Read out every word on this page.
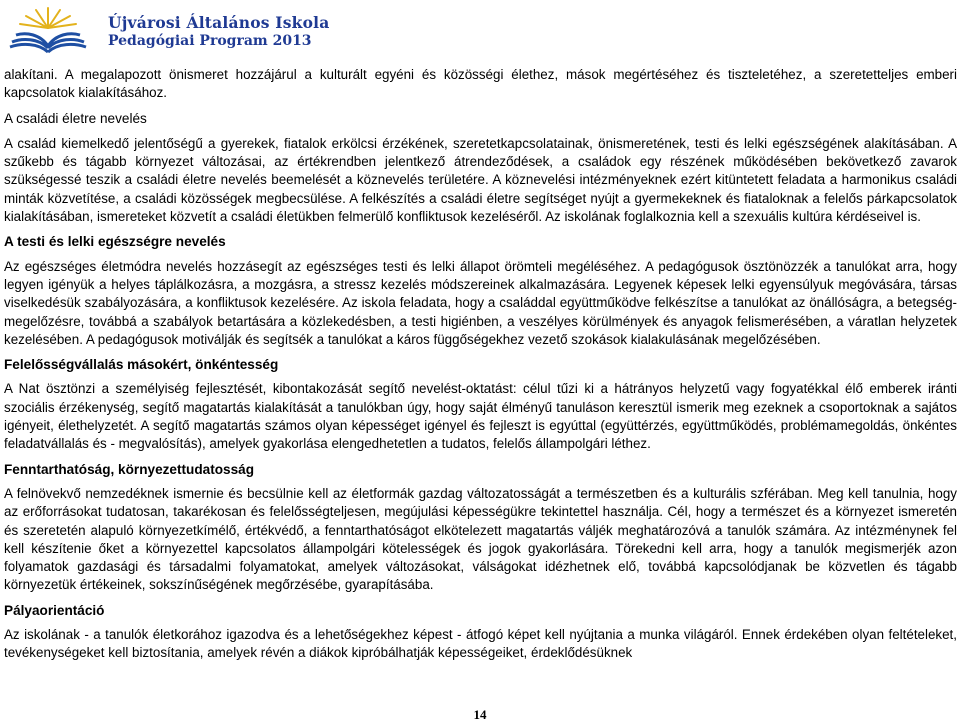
Újvárosi Általános Iskola
Pedagógiai Program 2013

alakítani. A megalapozott önismeret hozzájárul a kulturált egyéni és közösségi élethez, mások megértéséhez és tiszteletéhez, a szeretetteljes emberi kapcsolatok kialakításához.

A családi életre nevelés

A család kiemelkedő jelentőségű a gyerekek, fiatalok erkölcsi érzékének, szeretetkapcsolatainak, önismeretének, testi és lelki egészségének alakításában. A szűkebb és tágabb környezet változásai, az értékrendben jelentkező átrendeződések, a családok egy részének működésében bekövetkező zavarok szükségessé teszik a családi életre nevelés beemelését a köznevelés területére. A köznevelési intézményeknek ezért kitüntetett feladata a harmonikus családi minták közvetítése, a családi közösségek megbecsülése. A felkészítés a családi életre segítséget nyújt a gyermekeknek és fiataloknak a felelős párkapcsolatok kialakításában, ismereteket közvetít a családi életükben felmerülő konfliktusok kezeléséről. Az iskolának foglalkoznia kell a szexuális kultúra kérdéseivel is.

A testi és lelki egészségre nevelés

Az egészséges életmódra nevelés hozzásegít az egészséges testi és lelki állapot örömteli megéléséhez. A pedagógusok ösztönözzék a tanulókat arra, hogy legyen igényük a helyes táplálkozásra, a mozgásra, a stressz kezelés módszereinek alkalmazására. Legyenek képesek lelki egyensúlyuk megóvására, társas viselkedésük szabályozására, a konfliktusok kezelésére. Az iskola feladata, hogy a családdal együttműködve felkészítse a tanulókat az önállóságra, a betegség-megelőzésre, továbbá a szabályok betartására a közlekedésben, a testi higiénben, a veszélyes körülmények és anyagok felismerésében, a váratlan helyzetek kezelésében. A pedagógusok motiválják és segítsék a tanulókat a káros függőségekhez vezető szokások kialakulásának megelőzésében.

Felelősségvállalás másokért, önkéntesség

A Nat ösztönzi a személyiség fejlesztését, kibontakozását segítő nevelést-oktatást: célul tűzi ki a hátrányos helyzetű vagy fogyatékkal élő emberek iránti szociális érzékenység, segítő magatartás kialakítását a tanulókban úgy, hogy saját élményű tanuláson keresztül ismerik meg ezeknek a csoportoknak a sajátos igényeit, élethelyzetét. A segítő magatartás számos olyan képességet igényel és fejleszt is egyúttal (együttérzés, együttműködés, problémamegoldás, önkéntes feladatvállalás és - megvalósítás), amelyek gyakorlása elengedhetetlen a tudatos, felelős állampolgári léthez.

Fenntarthatóság, környezettudatosság

A felnövekvő nemzedéknek ismernie és becsülnie kell az életformák gazdag változatosságát a természetben és a kulturális szférában. Meg kell tanulnia, hogy az erőforrásokat tudatosan, takarékosan és felelősségteljesen, megújulási képességükre tekintettel használja. Cél, hogy a természet és a környezet ismeretén és szeretetén alapuló környezetkímélő, értékvédő, a fenntarthatóságot elkötelezett magatartás váljék meghatározóvá a tanulók számára. Az intézménynek fel kell készítenie őket a környezettel kapcsolatos állampolgári kötelességek és jogok gyakorlására. Törekedni kell arra, hogy a tanulók megismerjék azon folyamatok gazdasági és társadalmi folyamatokat, amelyek változásokat, válságokat idézhetnek elő, továbbá kapcsolódjanak be közvetlen és tágabb környezetük értékeinek, sokszínűségének megőrzésébe, gyarapításába.

Pályaorientáció

Az iskolának - a tanulók életkorához igazodva és a lehetőségekhez képest - átfogó képet kell nyújtania a munka világáról. Ennek érdekében olyan feltételeket, tevékenységeket kell biztosítania, amelyek révén a diákok kipróbálhatják képességeiket, érdeklődésüknek

14
